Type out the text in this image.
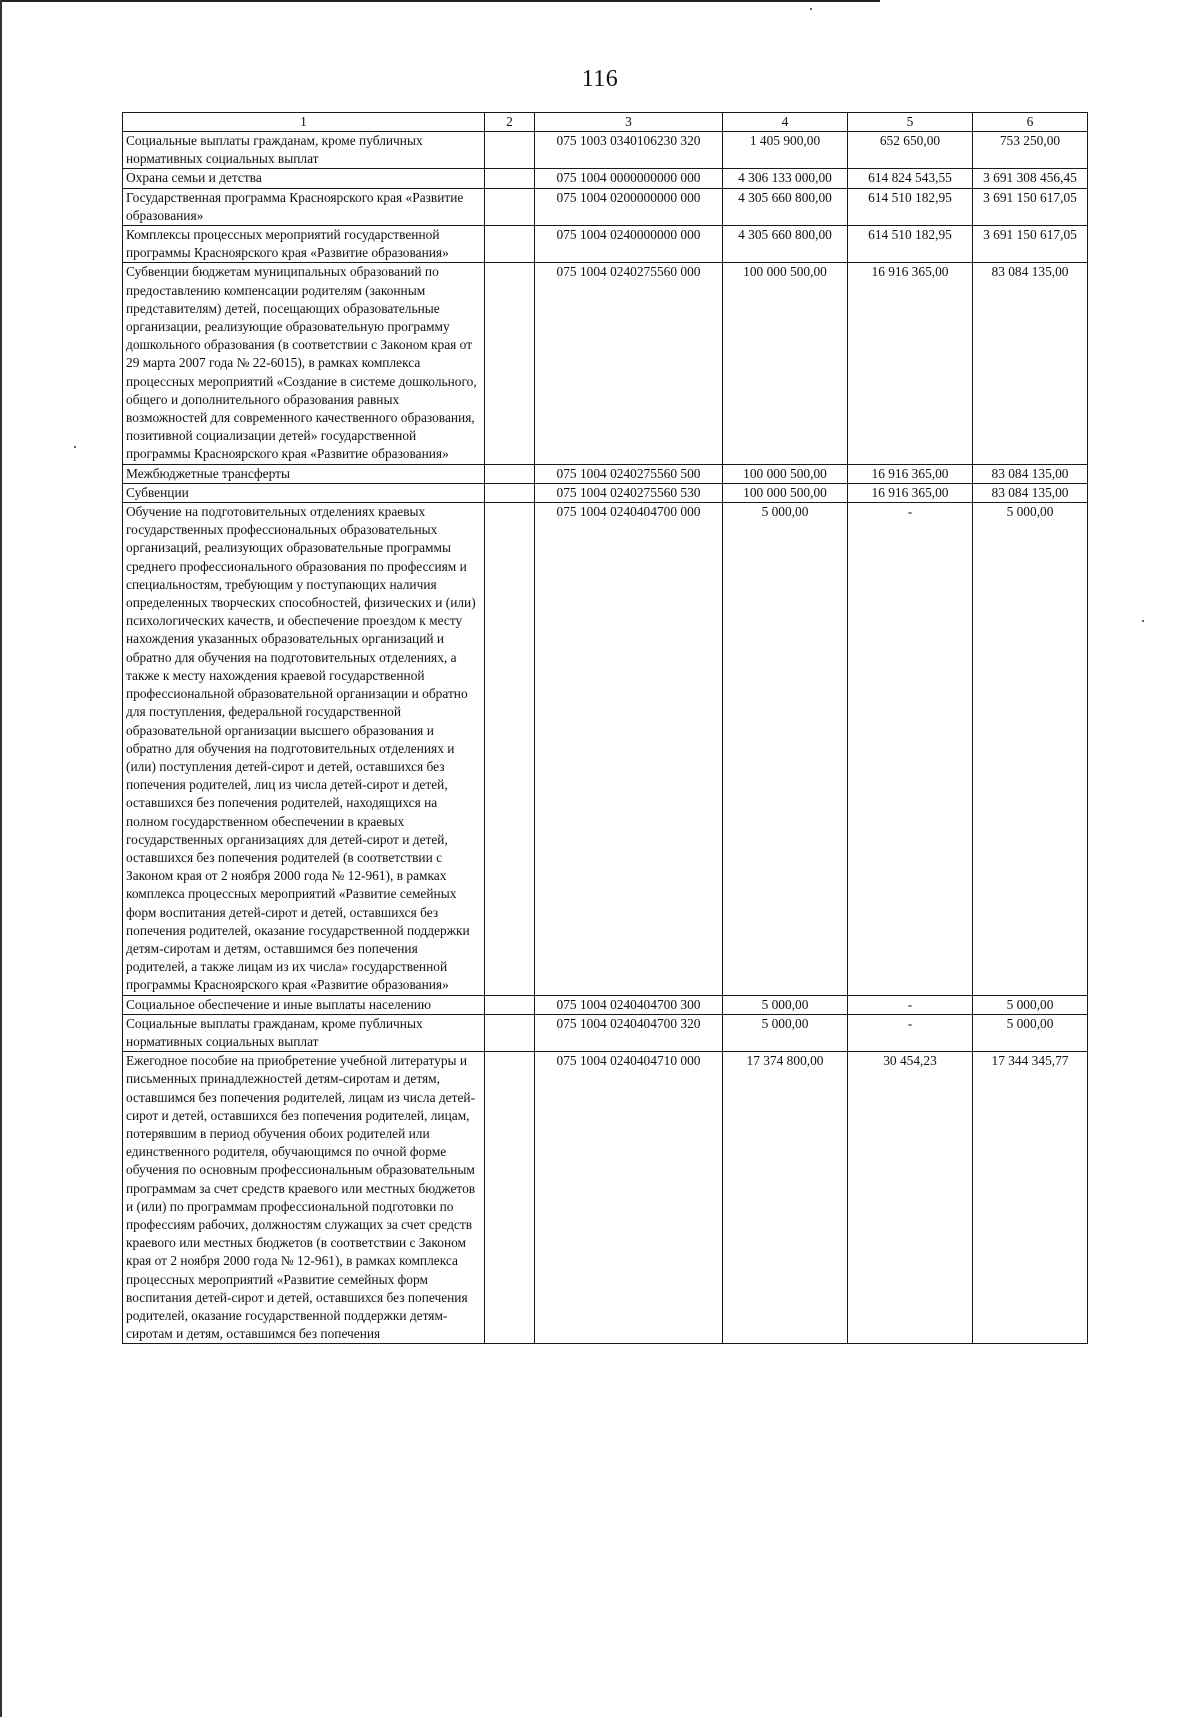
116
1	2	3	4	5	6
Социальные выплаты гражданам, кроме публичных нормативных социальных выплат		075 1003 0340106230 320	1 405 900,00	652 650,00	753 250,00
Охрана семьи и детства		075 1004 0000000000 000	4 306 133 000,00	614 824 543,55	3 691 308 456,45
Государственная программа Красноярского края «Развитие образования»		075 1004 0200000000 000	4 305 660 800,00	614 510 182,95	3 691 150 617,05
Комплексы процессных мероприятий государственной программы Красноярского края «Развитие образования»		075 1004 0240000000 000	4 305 660 800,00	614 510 182,95	3 691 150 617,05
Субвенции бюджетам муниципальных образований по предоставлению компенсации родителям (законным представителям) детей, посещающих образовательные организации, реализующие образовательную программу дошкольного образования (в соответствии с Законом края от 29 марта 2007 года № 22-6015), в рамках комплекса процессных мероприятий «Создание в системе дошкольного, общего и дополнительного образования равных возможностей для современного качественного образования, позитивной социализации детей» государственной программы Красноярского края «Развитие образования»		075 1004 0240275560 000	100 000 500,00	16 916 365,00	83 084 135,00
Межбюджетные трансферты		075 1004 0240275560 500	100 000 500,00	16 916 365,00	83 084 135,00
Субвенции		075 1004 0240275560 530	100 000 500,00	16 916 365,00	83 084 135,00
Обучение на подготовительных отделениях краевых государственных профессиональных образовательных организаций, реализующих образовательные программы среднего профессионального образования по профессиям и специальностям, требующим у поступающих наличия определенных творческих способностей, физических и (или) психологических качеств, и обеспечение проездом к месту нахождения указанных образовательных организаций и обратно для обучения на подготовительных отделениях, а также к месту нахождения краевой государственной профессиональной образовательной организации и обратно для поступления, федеральной государственной образовательной организации высшего образования и обратно для обучения на подготовительных отделениях и (или) поступления детей-сирот и детей, оставшихся без попечения родителей, лиц из числа детей-сирот и детей, оставшихся без попечения родителей, находящихся на полном государственном обеспечении в краевых государственных организациях для детей-сирот и детей, оставшихся без попечения родителей (в соответствии с Законом края от 2 ноября 2000 года № 12-961), в рамках комплекса процессных мероприятий «Развитие семейных форм воспитания детей-сирот и детей, оставшихся без попечения родителей, оказание государственной поддержки детям-сиротам и детям, оставшимся без попечения родителей, а также лицам из их числа» государственной программы Красноярского края «Развитие образования»		075 1004 0240404700 000	5 000,00	-	5 000,00
Социальное обеспечение и иные выплаты населению		075 1004 0240404700 300	5 000,00	-	5 000,00
Социальные выплаты гражданам, кроме публичных нормативных социальных выплат		075 1004 0240404700 320	5 000,00	-	5 000,00
Ежегодное пособие на приобретение учебной литературы и письменных принадлежностей детям-сиротам и детям, оставшимся без попечения родителей, лицам из числа детей-сирот и детей, оставшихся без попечения родителей, лицам, потерявшим в период обучения обоих родителей или единственного родителя, обучающимся по очной форме обучения по основным профессиональным образовательным программам за счет средств краевого или местных бюджетов и (или) по программам профессиональной подготовки по профессиям рабочих, должностям служащих за счет средств краевого или местных бюджетов (в соответствии с Законом края от 2 ноября 2000 года № 12-961), в рамках комплекса процессных мероприятий «Развитие семейных форм воспитания детей-сирот и детей, оставшихся без попечения родителей, оказание государственной поддержки детям-сиротам и детям, оставшимся без попечения		075 1004 0240404710 000	17 374 800,00	30 454,23	17 344 345,77
